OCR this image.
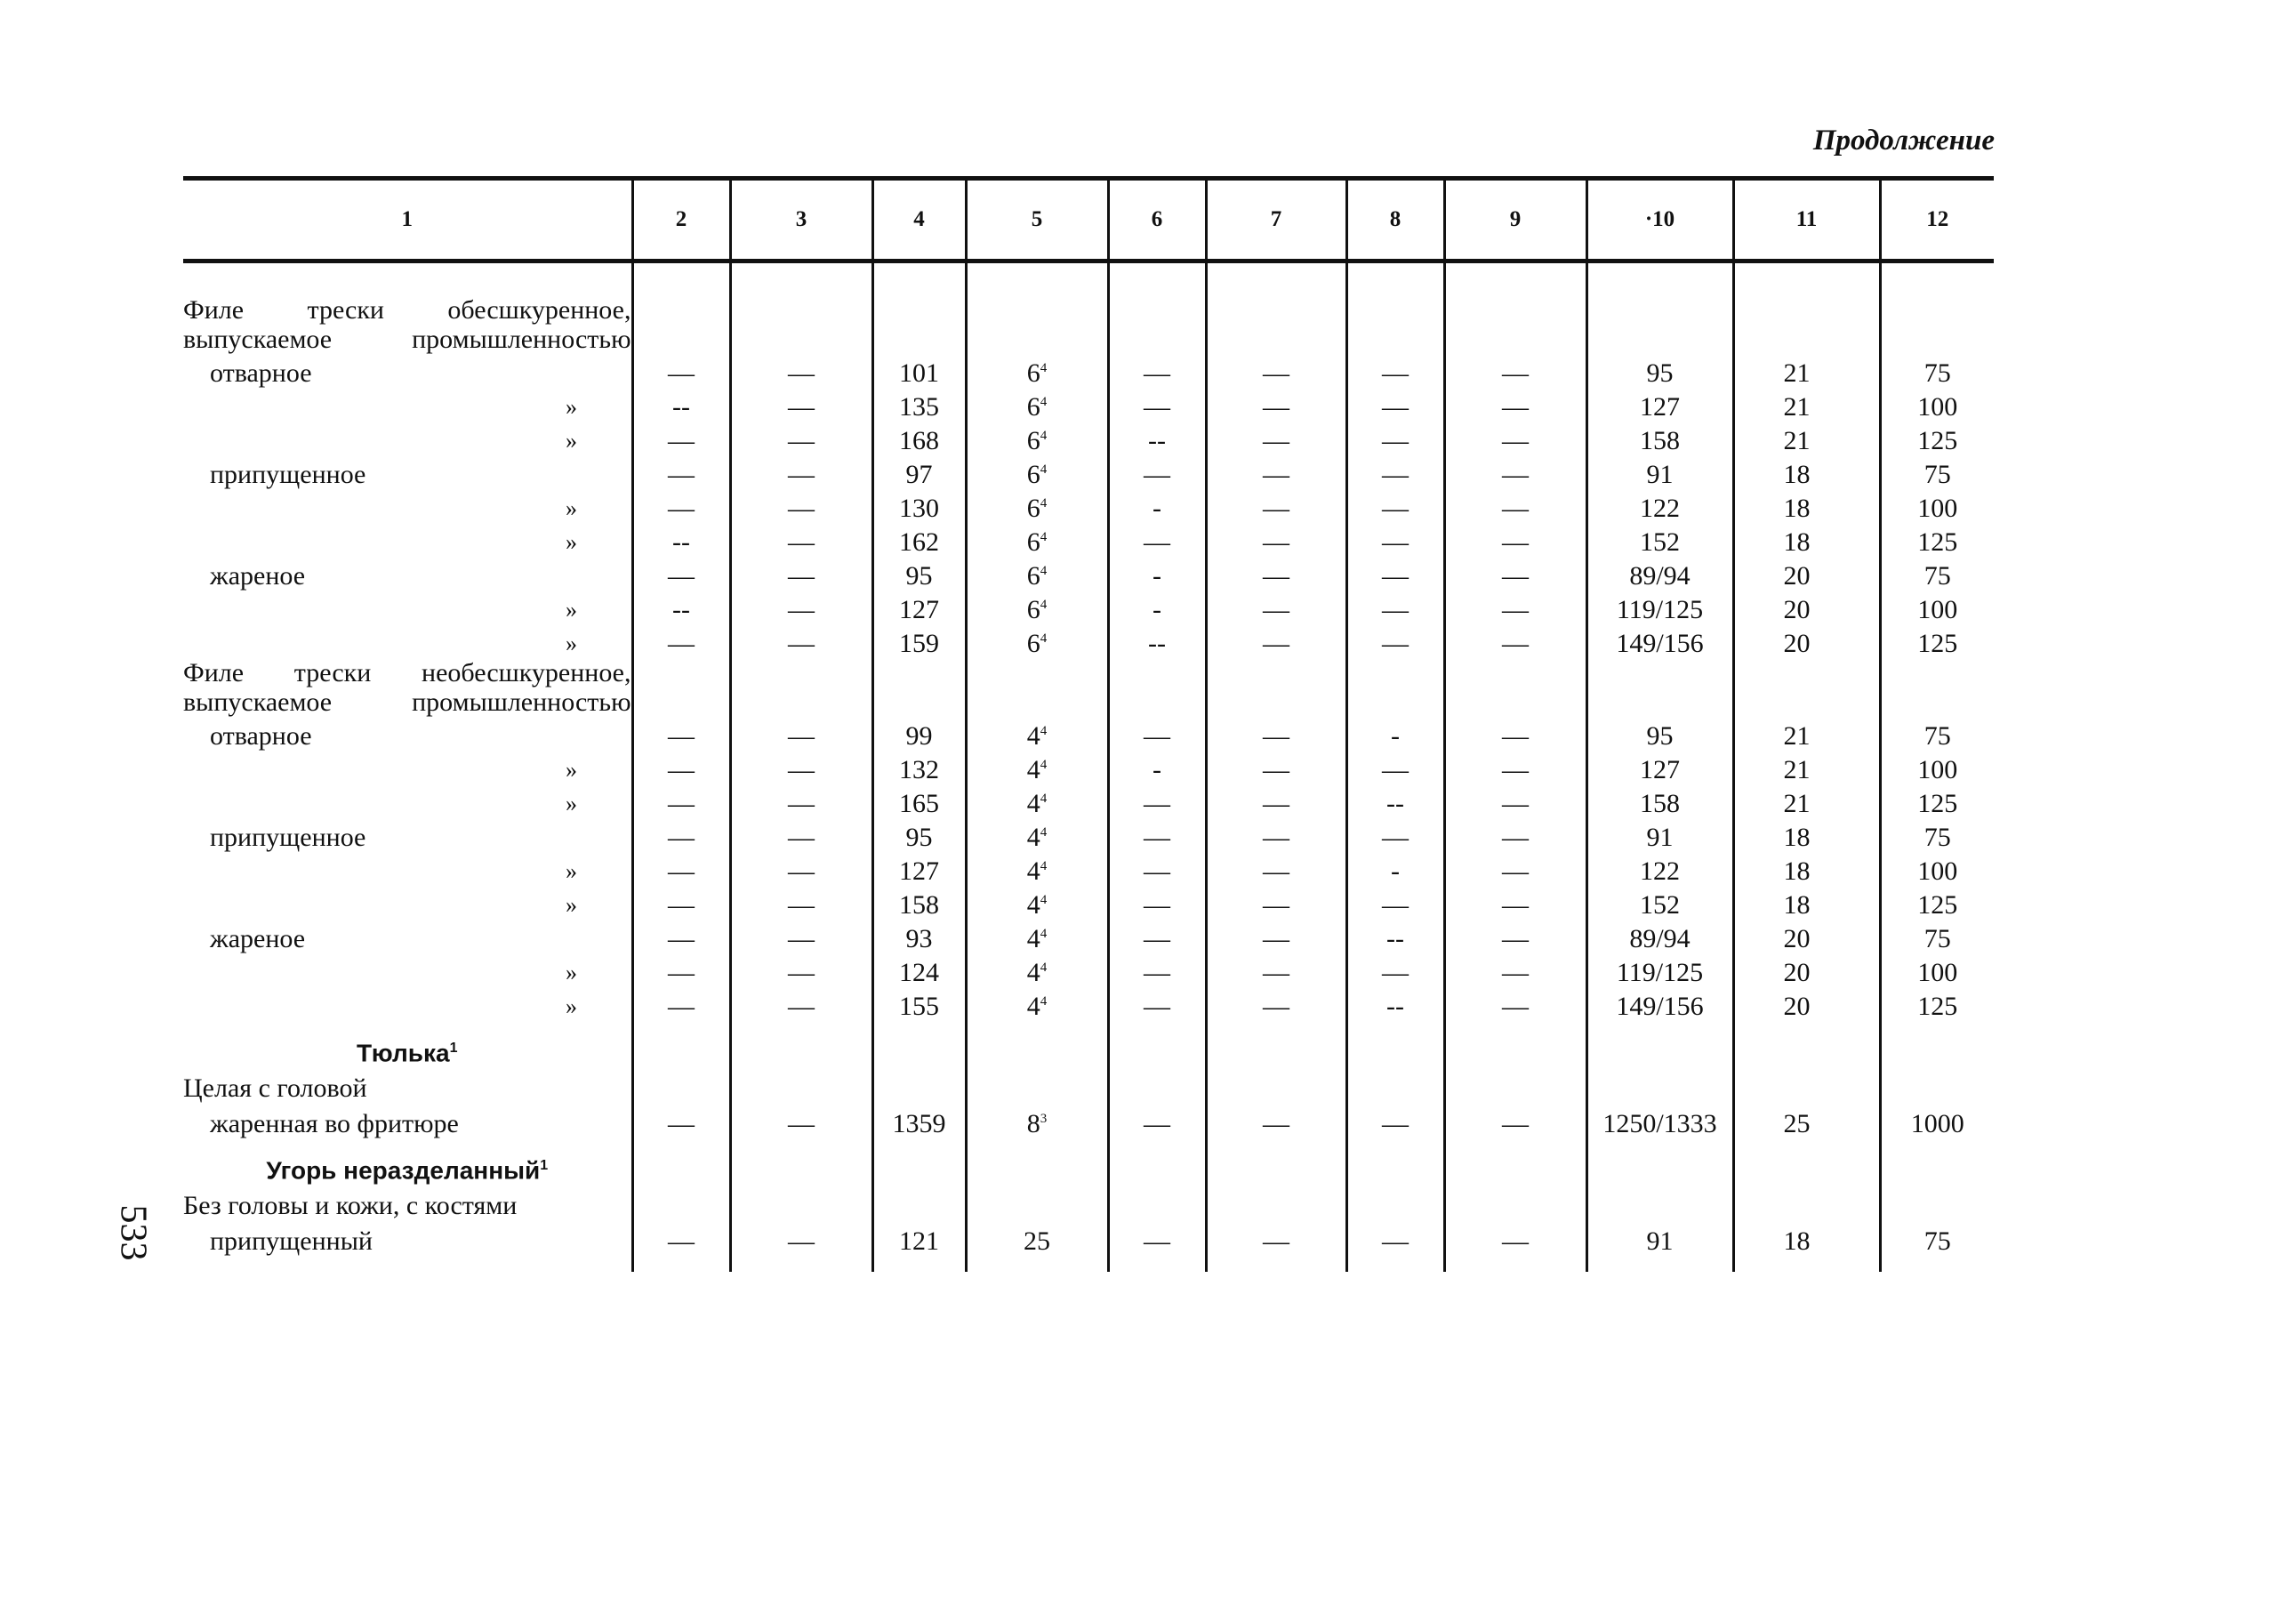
Продолжение
533
1	2	3	4	5	6	7	8	9	·10	11	12

Филе трески обесшкуренное, выпускаемое промышленностью											
отварное	—	—	101	$6^4$	—	—	—	—	95	21	75
»	--	—	135	$6^4$	—	—	—	—	127	21	100
»	—	—	168	$6^4$	--	—	—	—	158	21	125
припущенное	—	—	97	$6^4$	—	—	—	—	91	18	75
»	—	—	130	$6^4$	-	—	—	—	122	18	100
»	--	—	162	$6^4$	—	—	—	—	152	18	125
жареное	—	—	95	$6^4$	-	—	—	—	89/94	20	75
»	--	—	127	$6^4$	-	—	—	—	119/125	20	100
»	—	—	159	$6^4$	--	—	—	—	149/156	20	125
Филе трески необесшкуренное, выпускаемое промышленностью											
отварное	—	—	99	$4^4$	—	—	-	—	95	21	75
»	—	—	132	$4^4$	-	—	—	—	127	21	100
»	—	—	165	$4^4$	—	—	--	—	158	21	125
припущенное	—	—	95	$4^4$	—	—	—	—	91	18	75
»	—	—	127	$4^4$	—	—	-	—	122	18	100
»	—	—	158	$4^4$	—	—	—	—	152	18	125
жареное	—	—	93	$4^4$	—	—	--	—	89/94	20	75
»	—	—	124	$4^4$	—	—	—	—	119/125	20	100
»	—	—	155	$4^4$	—	—	--	—	149/156	20	125
Тюлька$^1$											
Целая с головой											
жаренная во фритюре	—	—	1359	$8^3$	—	—	—	—	1250/1333	25	1000
Угорь неразделанный$^1$											
Без головы и кожи, с костями											
припущенный	—	—	121	25	—	—	—	—	91	18	75
